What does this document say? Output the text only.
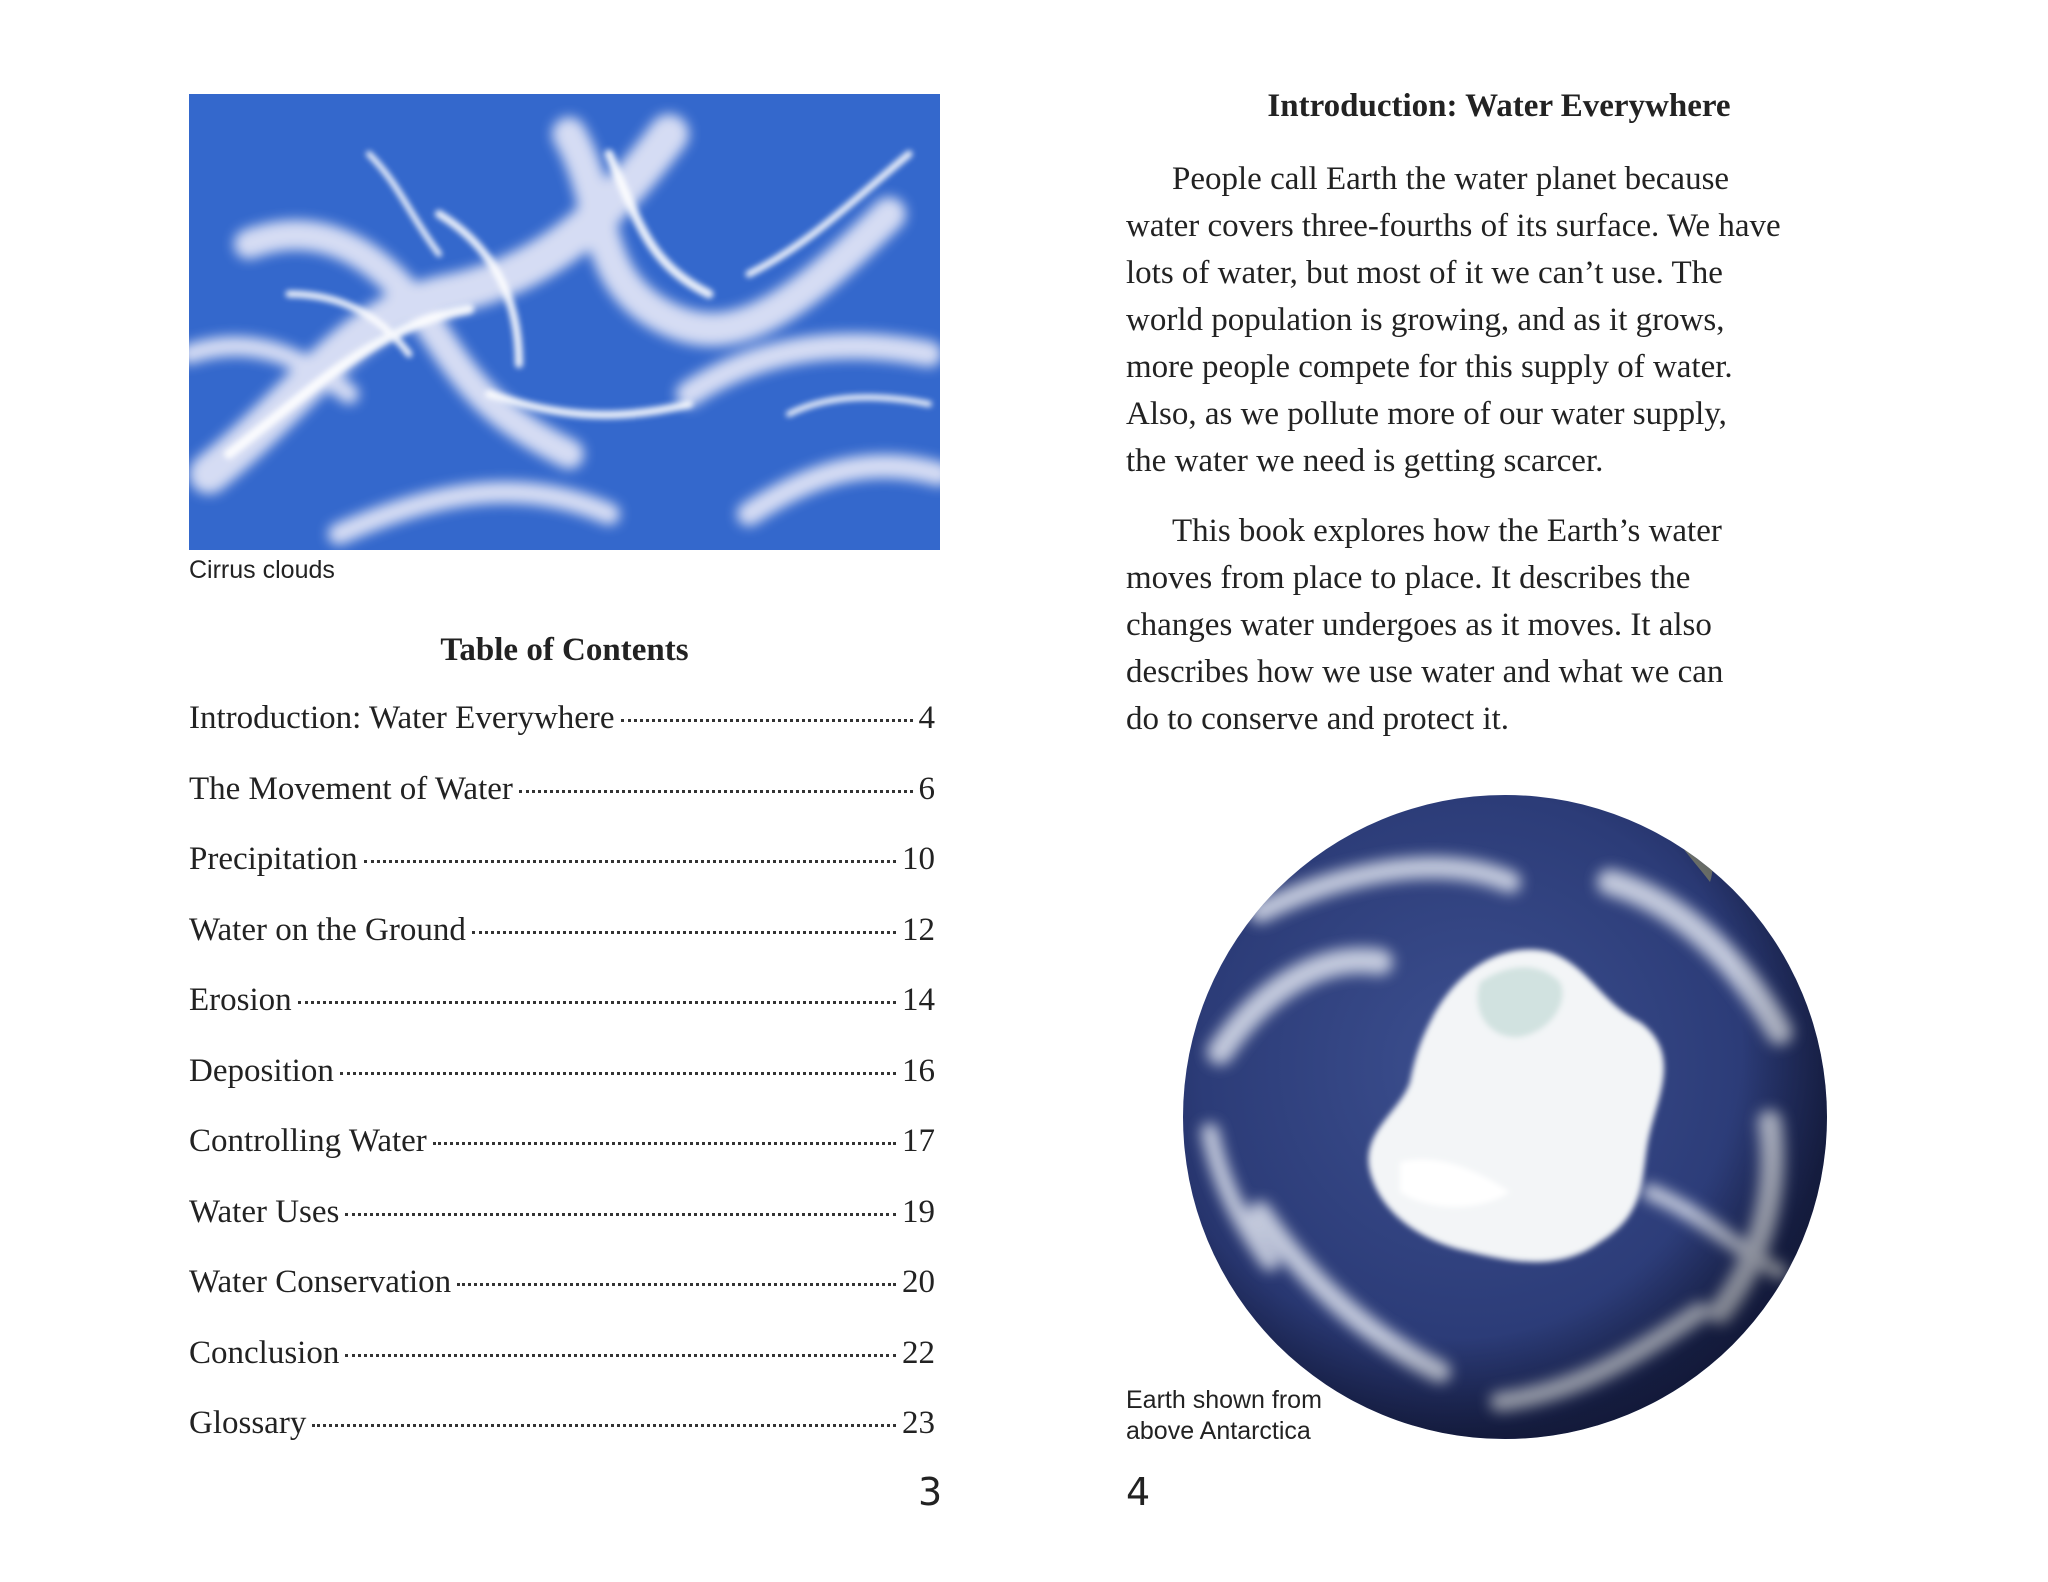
Cirrus clouds
Table of Contents
Introduction: Water Everywhere	4
The Movement of Water	6
Precipitation	10
Water on the Ground	12
Erosion	14
Deposition	16
Controlling Water	17
Water Uses	19
Water Conservation	20
Conclusion	22
Glossary	23
3
Introduction: Water Everywhere

People call Earth the water planet because
water covers three-fourths of its surface. We have
lots of water, but most of it we can’t use. The
world population is growing, and as it grows,
more people compete for this supply of water.
Also, as we pollute more of our water supply,
the water we need is getting scarcer.

This book explores how the Earth’s water
moves from place to place. It describes the
changes water undergoes as it moves. It also
describes how we use water and what we can
do to conserve and protect it.

Earth shown from
above Antarctica
4
